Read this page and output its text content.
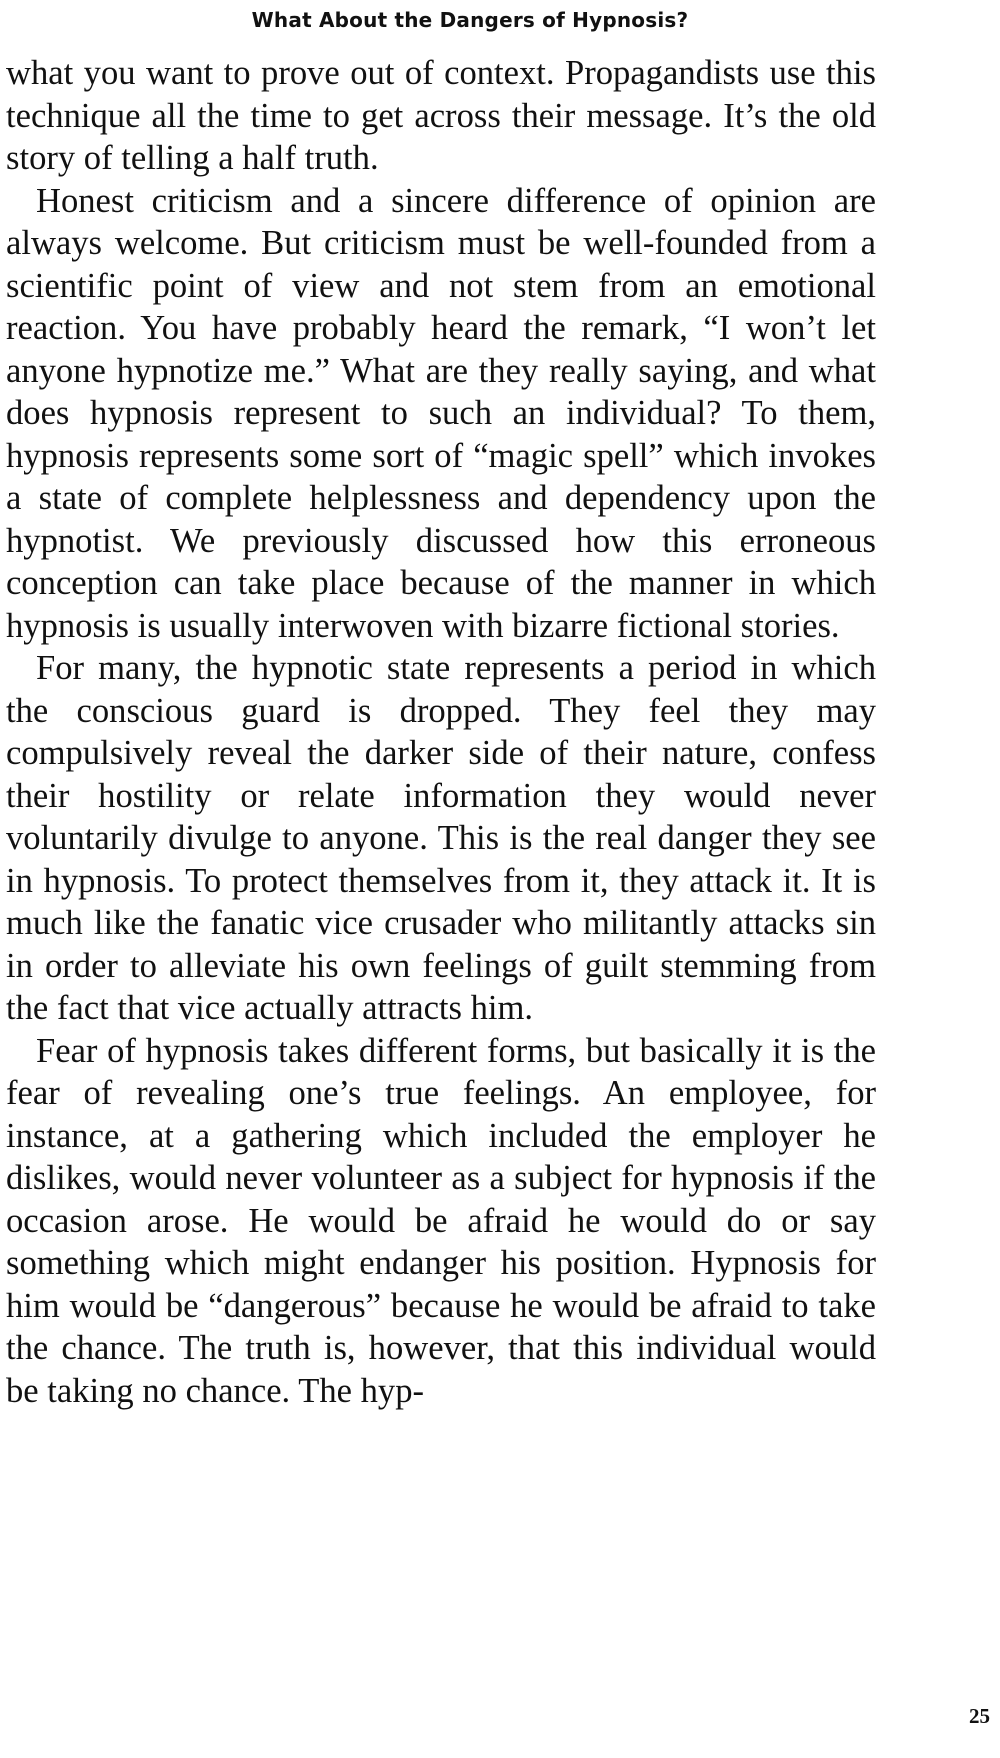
What About the Dangers of Hypnosis?

what you want to prove out of context. Propagandists use this technique all the time to get across their message. It’s the old story of telling a half truth.

Honest criticism and a sincere difference of opinion are always welcome. But criticism must be well-founded from a scientific point of view and not stem from an emotional reaction. You have probably heard the remark, “I won’t let anyone hypnotize me.” What are they really saying, and what does hypnosis represent to such an individual? To them, hypnosis represents some sort of “magic spell” which invokes a state of complete helplessness and dependency upon the hypnotist. We previously discussed how this erroneous conception can take place because of the manner in which hypnosis is usually interwoven with bizarre fictional stories.

For many, the hypnotic state represents a period in which the conscious guard is dropped. They feel they may compulsively reveal the darker side of their nature, confess their hostility or relate information they would never voluntarily divulge to anyone. This is the real danger they see in hypnosis. To protect themselves from it, they attack it. It is much like the fanatic vice crusader who militantly attacks sin in order to alleviate his own feelings of guilt stemming from the fact that vice actually attracts him.

Fear of hypnosis takes different forms, but basically it is the fear of revealing one’s true feelings. An employee, for instance, at a gathering which included the employer he dislikes, would never volunteer as a subject for hypnosis if the occasion arose. He would be afraid he would do or say something which might endanger his position. Hypnosis for him would be “dangerous” because he would be afraid to take the chance. The truth is, however, that this individual would be taking no chance. The hyp-

25
